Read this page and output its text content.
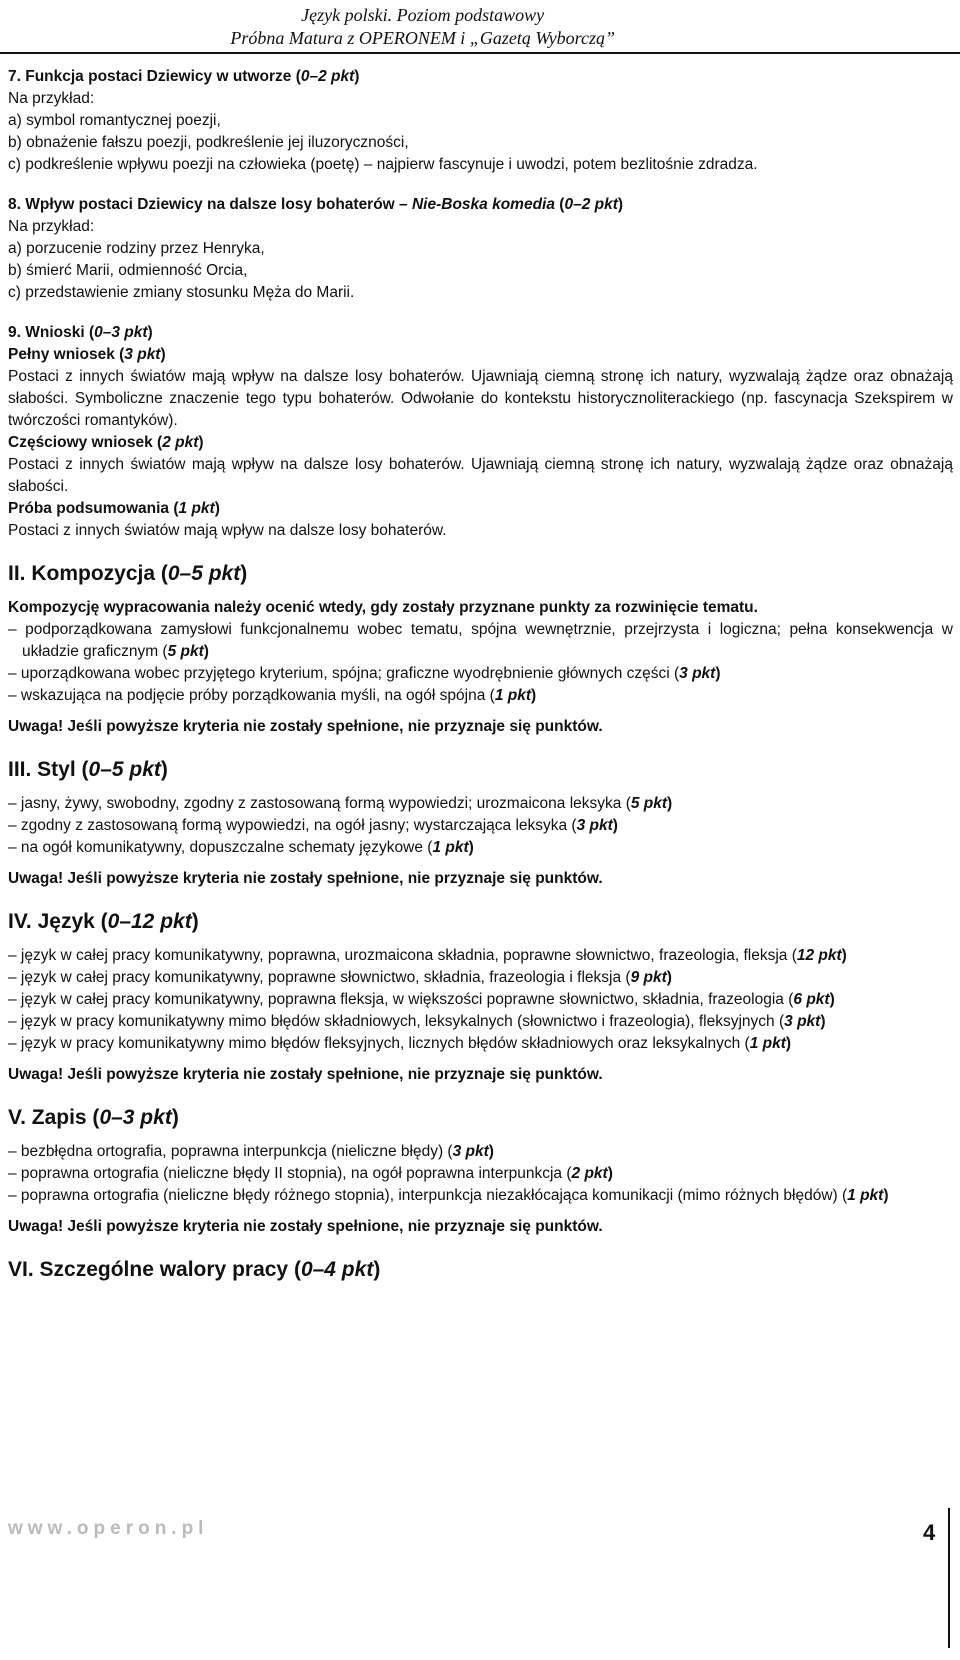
Język polski. Poziom podstawowy
Próbna Matura z OPERONEM i „Gazetą Wyborczą”
7. Funkcja postaci Dziewicy w utworze (0–2 pkt)
Na przykład:
a) symbol romantycznej poezji,
b) obnażenie fałszu poezji, podkreślenie jej iluzoryczności,
c) podkreślenie wpływu poezji na człowieka (poetę) – najpierw fascynuje i uwodzi, potem bezlitośnie zdradza.
8. Wpływ postaci Dziewicy na dalsze losy bohaterów – Nie-Boska komedia (0–2 pkt)
Na przykład:
a) porzucenie rodziny przez Henryka,
b) śmierć Marii, odmienność Orcia,
c) przedstawienie zmiany stosunku Męża do Marii.
9. Wnioski (0–3 pkt)
Pełny wniosek (3 pkt)
Postaci z innych światów mają wpływ na dalsze losy bohaterów. Ujawniają ciemną stronę ich natury, wyzwalają żądze oraz obnażają słabości. Symboliczne znaczenie tego typu bohaterów. Odwołanie do kontekstu historycznoliterackiego (np. fascynacja Szekspirem w twórczości romantyków).
Częściowy wniosek (2 pkt)
Postaci z innych światów mają wpływ na dalsze losy bohaterów. Ujawniają ciemną stronę ich natury, wyzwalają żądze oraz obnażają słabości.
Próba podsumowania (1 pkt)
Postaci z innych światów mają wpływ na dalsze losy bohaterów.
II. Kompozycja (0–5 pkt)
Kompozycję wypracowania należy ocenić wtedy, gdy zostały przyznane punkty za rozwinięcie tematu.
– podporządkowana zamysłowi funkcjonalnemu wobec tematu, spójna wewnętrznie, przejrzysta i logiczna; pełna konsekwencja w układzie graficznym (5 pkt)
– uporządkowana wobec przyjętego kryterium, spójna; graficzne wyodrębnienie głównych części (3 pkt)
– wskazująca na podjęcie próby porządkowania myśli, na ogół spójna (1 pkt)
Uwaga! Jeśli powyższe kryteria nie zostały spełnione, nie przyznaje się punktów.
III. Styl (0–5 pkt)
– jasny, żywy, swobodny, zgodny z zastosowaną formą wypowiedzi; urozmaicona leksyka (5 pkt)
– zgodny z zastosowaną formą wypowiedzi, na ogół jasny; wystarczająca leksyka (3 pkt)
– na ogół komunikatywny, dopuszczalne schematy językowe (1 pkt)
Uwaga! Jeśli powyższe kryteria nie zostały spełnione, nie przyznaje się punktów.
IV. Język (0–12 pkt)
– język w całej pracy komunikatywny, poprawna, urozmaicona składnia, poprawne słownictwo, frazeologia, fleksja (12 pkt)
– język w całej pracy komunikatywny, poprawne słownictwo, składnia, frazeologia i fleksja (9 pkt)
– język w całej pracy komunikatywny, poprawna fleksja, w większości poprawne słownictwo, składnia, frazeologia (6 pkt)
– język w pracy komunikatywny mimo błędów składniowych, leksykalnych (słownictwo i frazeologia), fleksyjnych (3 pkt)
– język w pracy komunikatywny mimo błędów fleksyjnych, licznych błędów składniowych oraz leksykalnych (1 pkt)
Uwaga! Jeśli powyższe kryteria nie zostały spełnione, nie przyznaje się punktów.
V. Zapis (0–3 pkt)
– bezbłędna ortografia, poprawna interpunkcja (nieliczne błędy) (3 pkt)
– poprawna ortografia (nieliczne błędy II stopnia), na ogół poprawna interpunkcja (2 pkt)
– poprawna ortografia (nieliczne błędy różnego stopnia), interpunkcja niezakłócająca komunikacji (mimo różnych błędów) (1 pkt)
Uwaga! Jeśli powyższe kryteria nie zostały spełnione, nie przyznaje się punktów.
VI. Szczególne walory pracy (0–4 pkt)
www.operon.pl	4
